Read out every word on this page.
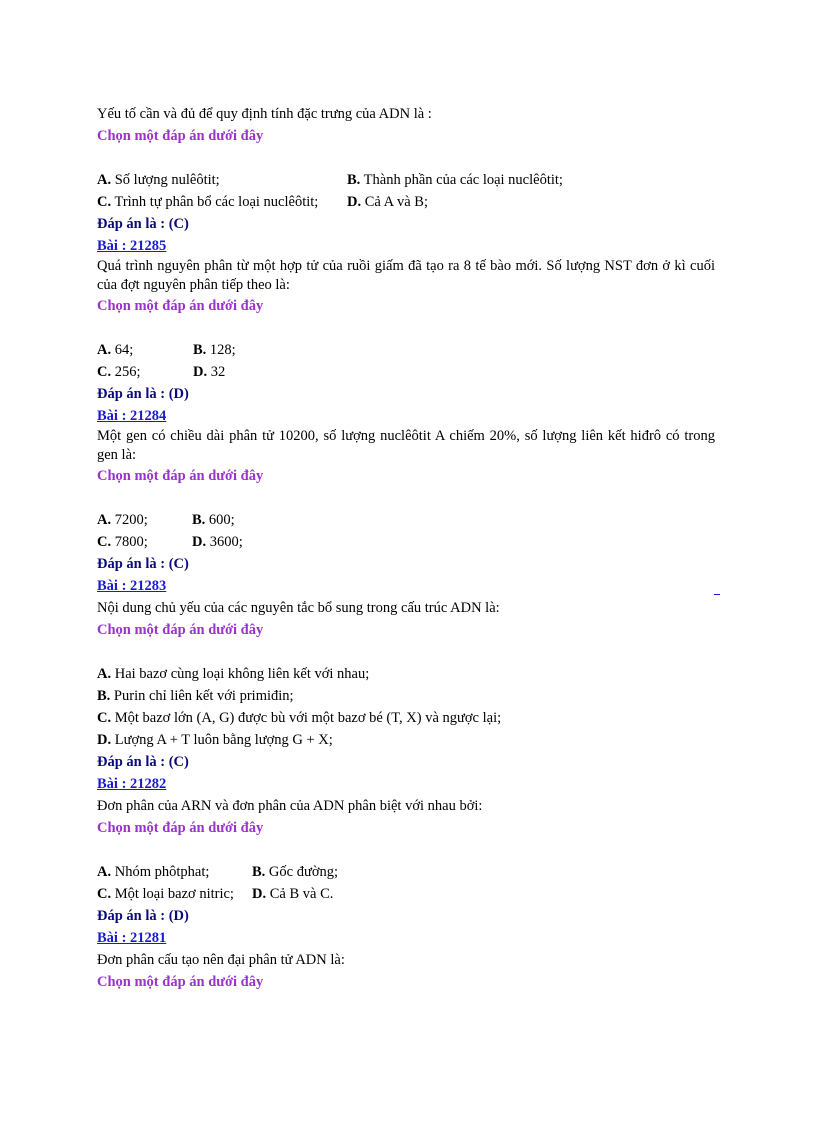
Yếu tố cần và đủ để quy định tính đặc trưng của ADN là :
Chọn một đáp án dưới đây
A. Số lượng nulêôtit;	B. Thành phần của các loại nuclêôtit;
C. Trình tự phân bổ các loại nuclêôtit;	D. Cả A và B;
Đáp án là : (C)
Bài : 21285
Quá trình nguyên phân từ một hợp tử của ruồi giấm đã tạo ra 8 tế bào mới. Số lượng NST đơn ở kì cuối của đợt nguyên phân tiếp theo là:
Chọn một đáp án dưới đây
A. 64;	B. 128;
C. 256;	D. 32
Đáp án là : (D)
Bài : 21284
Một gen có chiều dài phân tử 10200, số lượng nuclêôtit A chiếm 20%, số lượng liên kết hiđrô có trong gen là:
Chọn một đáp án dưới đây
A. 7200;	B. 600;
C. 7800;	D. 3600;
Đáp án là : (C)
Bài : 21283
Nội dung chủ yếu của các nguyên tắc bổ sung trong cấu trúc ADN là:
Chọn một đáp án dưới đây
A. Hai bazơ cùng loại không liên kết với nhau;
B. Purin chỉ liên kết với primiđin;
C. Một bazơ lớn (A, G) được bù với một bazơ bé (T, X) và ngược lại;
D. Lượng A + T luôn bằng lượng G + X;
Đáp án là : (C)
Bài : 21282
Đơn phân của ARN và đơn phân của ADN phân biệt với nhau bởi:
Chọn một đáp án dưới đây
A. Nhóm phôtphat;	B. Gốc đường;
C. Một loại bazơ nitric;	D. Cả B và C.
Đáp án là : (D)
Bài : 21281
Đơn phân cấu tạo nên đại phân tử ADN là:
Chọn một đáp án dưới đây
